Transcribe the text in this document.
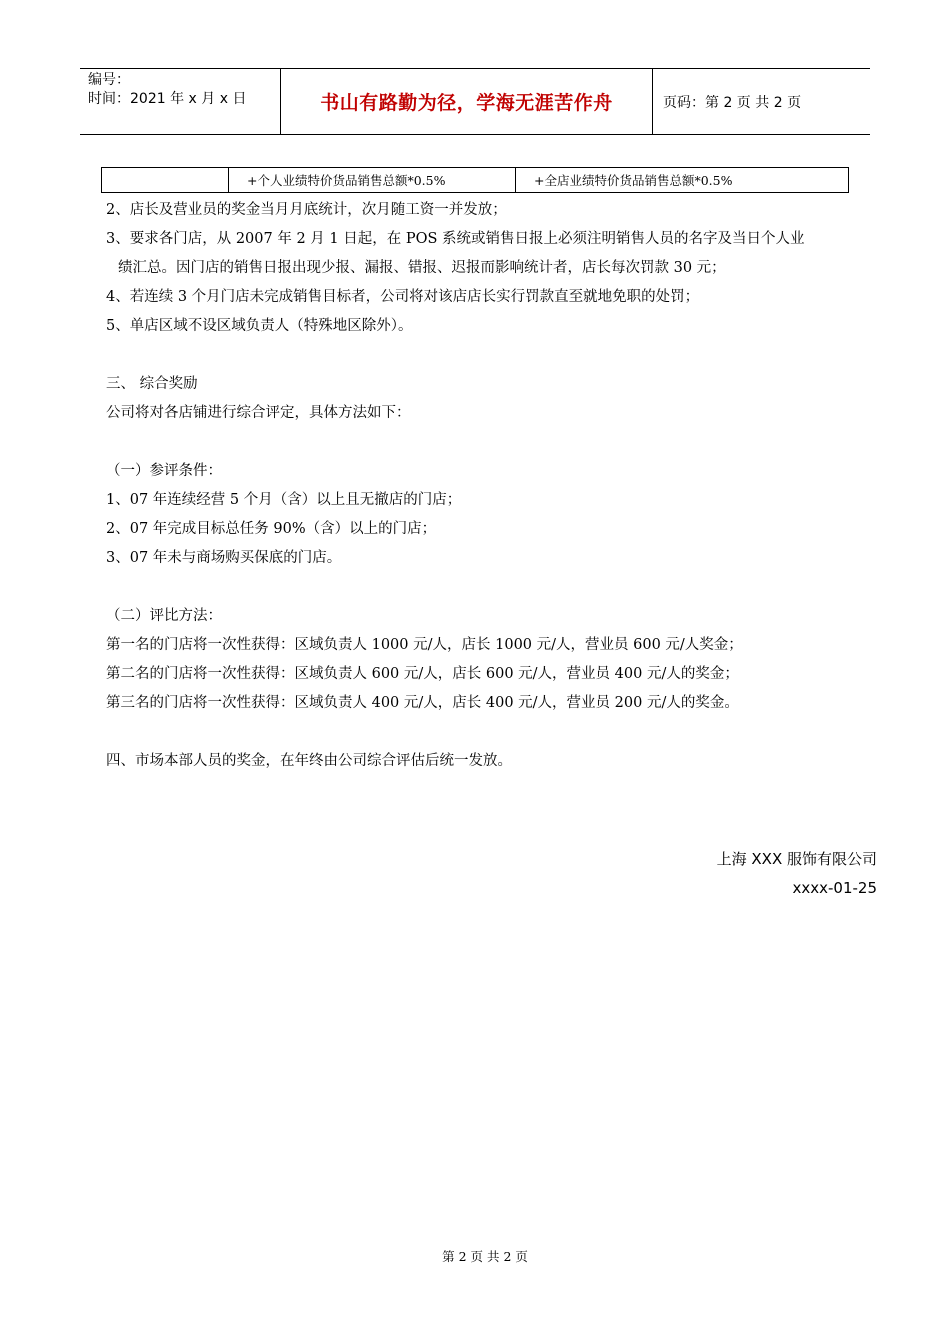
编号：
时间：2021 年 x 月 x 日	书山有路勤为径，学海无涯苦作舟	页码：第 2 页 共 2 页
	+个人业绩特价货品销售总额*0.5%	+全店业绩特价货品销售总额*0.5%

2、店长及营业员的奖金当月月底统计，次月随工资一并发放；

3、要求各门店，从 2007 年 2 月 1 日起，在 POS 系统或销售日报上必须注明销售人员的名字及当日个人业

绩汇总。因门店的销售日报出现少报、漏报、错报、迟报而影响统计者，店长每次罚款 30 元；

4、若连续 3 个月门店未完成销售目标者，公司将对该店店长实行罚款直至就地免职的处罚；

5、单店区域不设区域负责人（特殊地区除外）。

三、 综合奖励

公司将对各店铺进行综合评定，具体方法如下：

（一）参评条件：

1、07 年连续经营 5 个月（含）以上且无撤店的门店；

2、07 年完成目标总任务 90%（含）以上的门店；

3、07 年未与商场购买保底的门店。

（二）评比方法：

第一名的门店将一次性获得：区域负责人 1000 元/人，店长 1000 元/人，营业员 600 元/人奖金；

第二名的门店将一次性获得：区域负责人 600 元/人，店长 600 元/人，营业员 400 元/人的奖金；

第三名的门店将一次性获得：区域负责人 400 元/人，店长 400 元/人，营业员 200 元/人的奖金。

四、市场本部人员的奖金，在年终由公司综合评估后统一发放。

上海 XXX 服饰有限公司
xxxx-01-25
第 2 页 共 2 页
